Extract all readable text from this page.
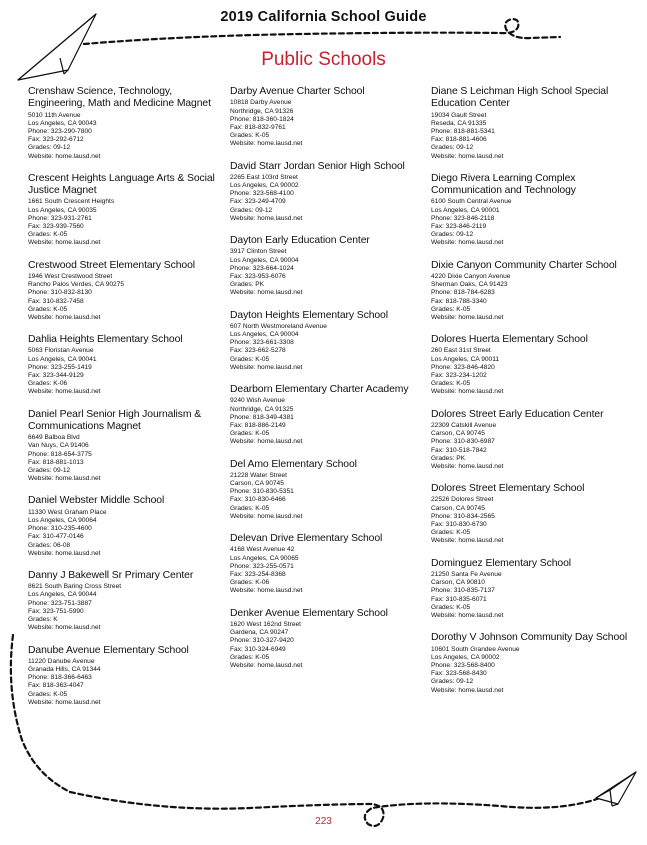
2019 California School Guide
Public Schools

Crenshaw Science, Technology, Engineering, Math and Medicine Magnet

5010 11th Avenue

Los Angeles, CA 90043

Phone: 323-290-7800

Fax: 323-292-6712

Grades: 09-12

Website: home.lausd.net

Crescent Heights Language Arts & Social Justice Magnet

1661 South Crescent Heights

Los Angeles, CA 90035

Phone: 323-931-2761

Fax: 323-939-7560

Grades: K-05

Website: home.lausd.net

Crestwood Street Elementary School

1946 West Crestwood Street

Rancho Palos Verdes, CA 90275

Phone: 310-832-8130

Fax: 310-832-7458

Grades: K-05

Website: home.lausd.net

Dahlia Heights Elementary School

5063 Floristan Avenue

Los Angeles, CA 90041

Phone: 323-255-1419

Fax: 323-344-9129

Grades: K-06

Website: home.lausd.net

Daniel Pearl Senior High Journalism & Communications Magnet

6649 Balboa Blvd

Van Nuys, CA 91406

Phone: 818-654-3775

Fax: 818-881-1013

Grades: 09-12

Website: home.lausd.net

Daniel Webster Middle School

11330 West Graham Place

Los Angeles, CA 90064

Phone: 310-235-4600

Fax: 310-477-0146

Grades: 06-08

Website: home.lausd.net

Danny J Bakewell Sr Primary Center

8621 South Baring Cross Street

Los Angeles, CA 90044

Phone: 323-751-3887

Fax: 323-751-5990

Grades: K

Website: home.lausd.net

Danube Avenue Elementary School

11220 Danube Avenue

Granada Hills, CA 91344

Phone: 818-366-6463

Fax: 818-363-4047

Grades: K-05

Website: home.lausd.net

Darby Avenue Charter School

10818 Darby Avenue

Northridge, CA 91326

Phone: 818-360-1824

Fax: 818-832-9761

Grades: K-05

Website: home.lausd.net

David Starr Jordan Senior High School

2265 East 103rd Street

Los Angeles, CA 90002

Phone: 323-568-4100

Fax: 323-249-4709

Grades: 09-12

Website: home.lausd.net

Dayton Early Education Center

3917 Clinton Street

Los Angeles, CA 90004

Phone: 323-664-1024

Fax: 323-953-6076

Grades: PK

Website: home.lausd.net

Dayton Heights Elementary School

607 North Westmoreland Avenue

Los Angeles, CA 90004

Phone: 323-661-3308

Fax: 323-662-5278

Grades: K-05

Website: home.lausd.net

Dearborn Elementary Charter Academy

9240 Wish Avenue

Northridge, CA 91325

Phone: 818-349-4381

Fax: 818-886-2149

Grades: K-05

Website: home.lausd.net

Del Amo Elementary School

21228 Water Street

Carson, CA 90745

Phone: 310-830-5351

Fax: 310-830-6466

Grades: K-05

Website: home.lausd.net

Delevan Drive Elementary School

4168 West Avenue 42

Los Angeles, CA 90065

Phone: 323-255-0571

Fax: 323-254-8368

Grades: K-06

Website: home.lausd.net

Denker Avenue Elementary School

1620 West 162nd Street

Gardena, CA 90247

Phone: 310-327-9420

Fax: 310-324-6949

Grades: K-05

Website: home.lausd.net

Diane S Leichman High School Special Education Center

19034 Gault Street

Reseda, CA 91335

Phone: 818-881-5341

Fax: 818-881-4606

Grades: 09-12

Website: home.lausd.net

Diego Rivera Learning Complex Communication and Technology

6100 South Central Avenue

Los Angeles, CA 90001

Phone: 323-846-2118

Fax: 323-846-2119

Grades: 09-12

Website: home.lausd.net

Dixie Canyon Community Charter School

4220 Dixie Canyon Avenue

Sherman Oaks, CA 91423

Phone: 818-784-6283

Fax: 818-788-3340

Grades: K-05

Website: home.lausd.net

Dolores Huerta Elementary School

260 East 31st Street

Los Angeles, CA 90011

Phone: 323-846-4820

Fax: 323-234-1202

Grades: K-05

Website: home.lausd.net

Dolores Street Early Education Center

22309 Catskill Avenue

Carson, CA 90745

Phone: 310-830-6987

Fax: 310-518-7842

Grades: PK

Website: home.lausd.net

Dolores Street Elementary School

22526 Dolores Street

Carson, CA 90745

Phone: 310-834-2565

Fax: 310-830-6730

Grades: K-05

Website: home.lausd.net

Dominguez Elementary School

21250 Santa Fe Avenue

Carson, CA 90810

Phone: 310-835-7137

Fax: 310-835-6071

Grades: K-05

Website: home.lausd.net

Dorothy V Johnson Community Day School

10601 South Grandee Avenue

Los Angeles, CA 90002

Phone: 323-568-8400

Fax: 323-568-8430

Grades: 09-12

Website: home.lausd.net

223
